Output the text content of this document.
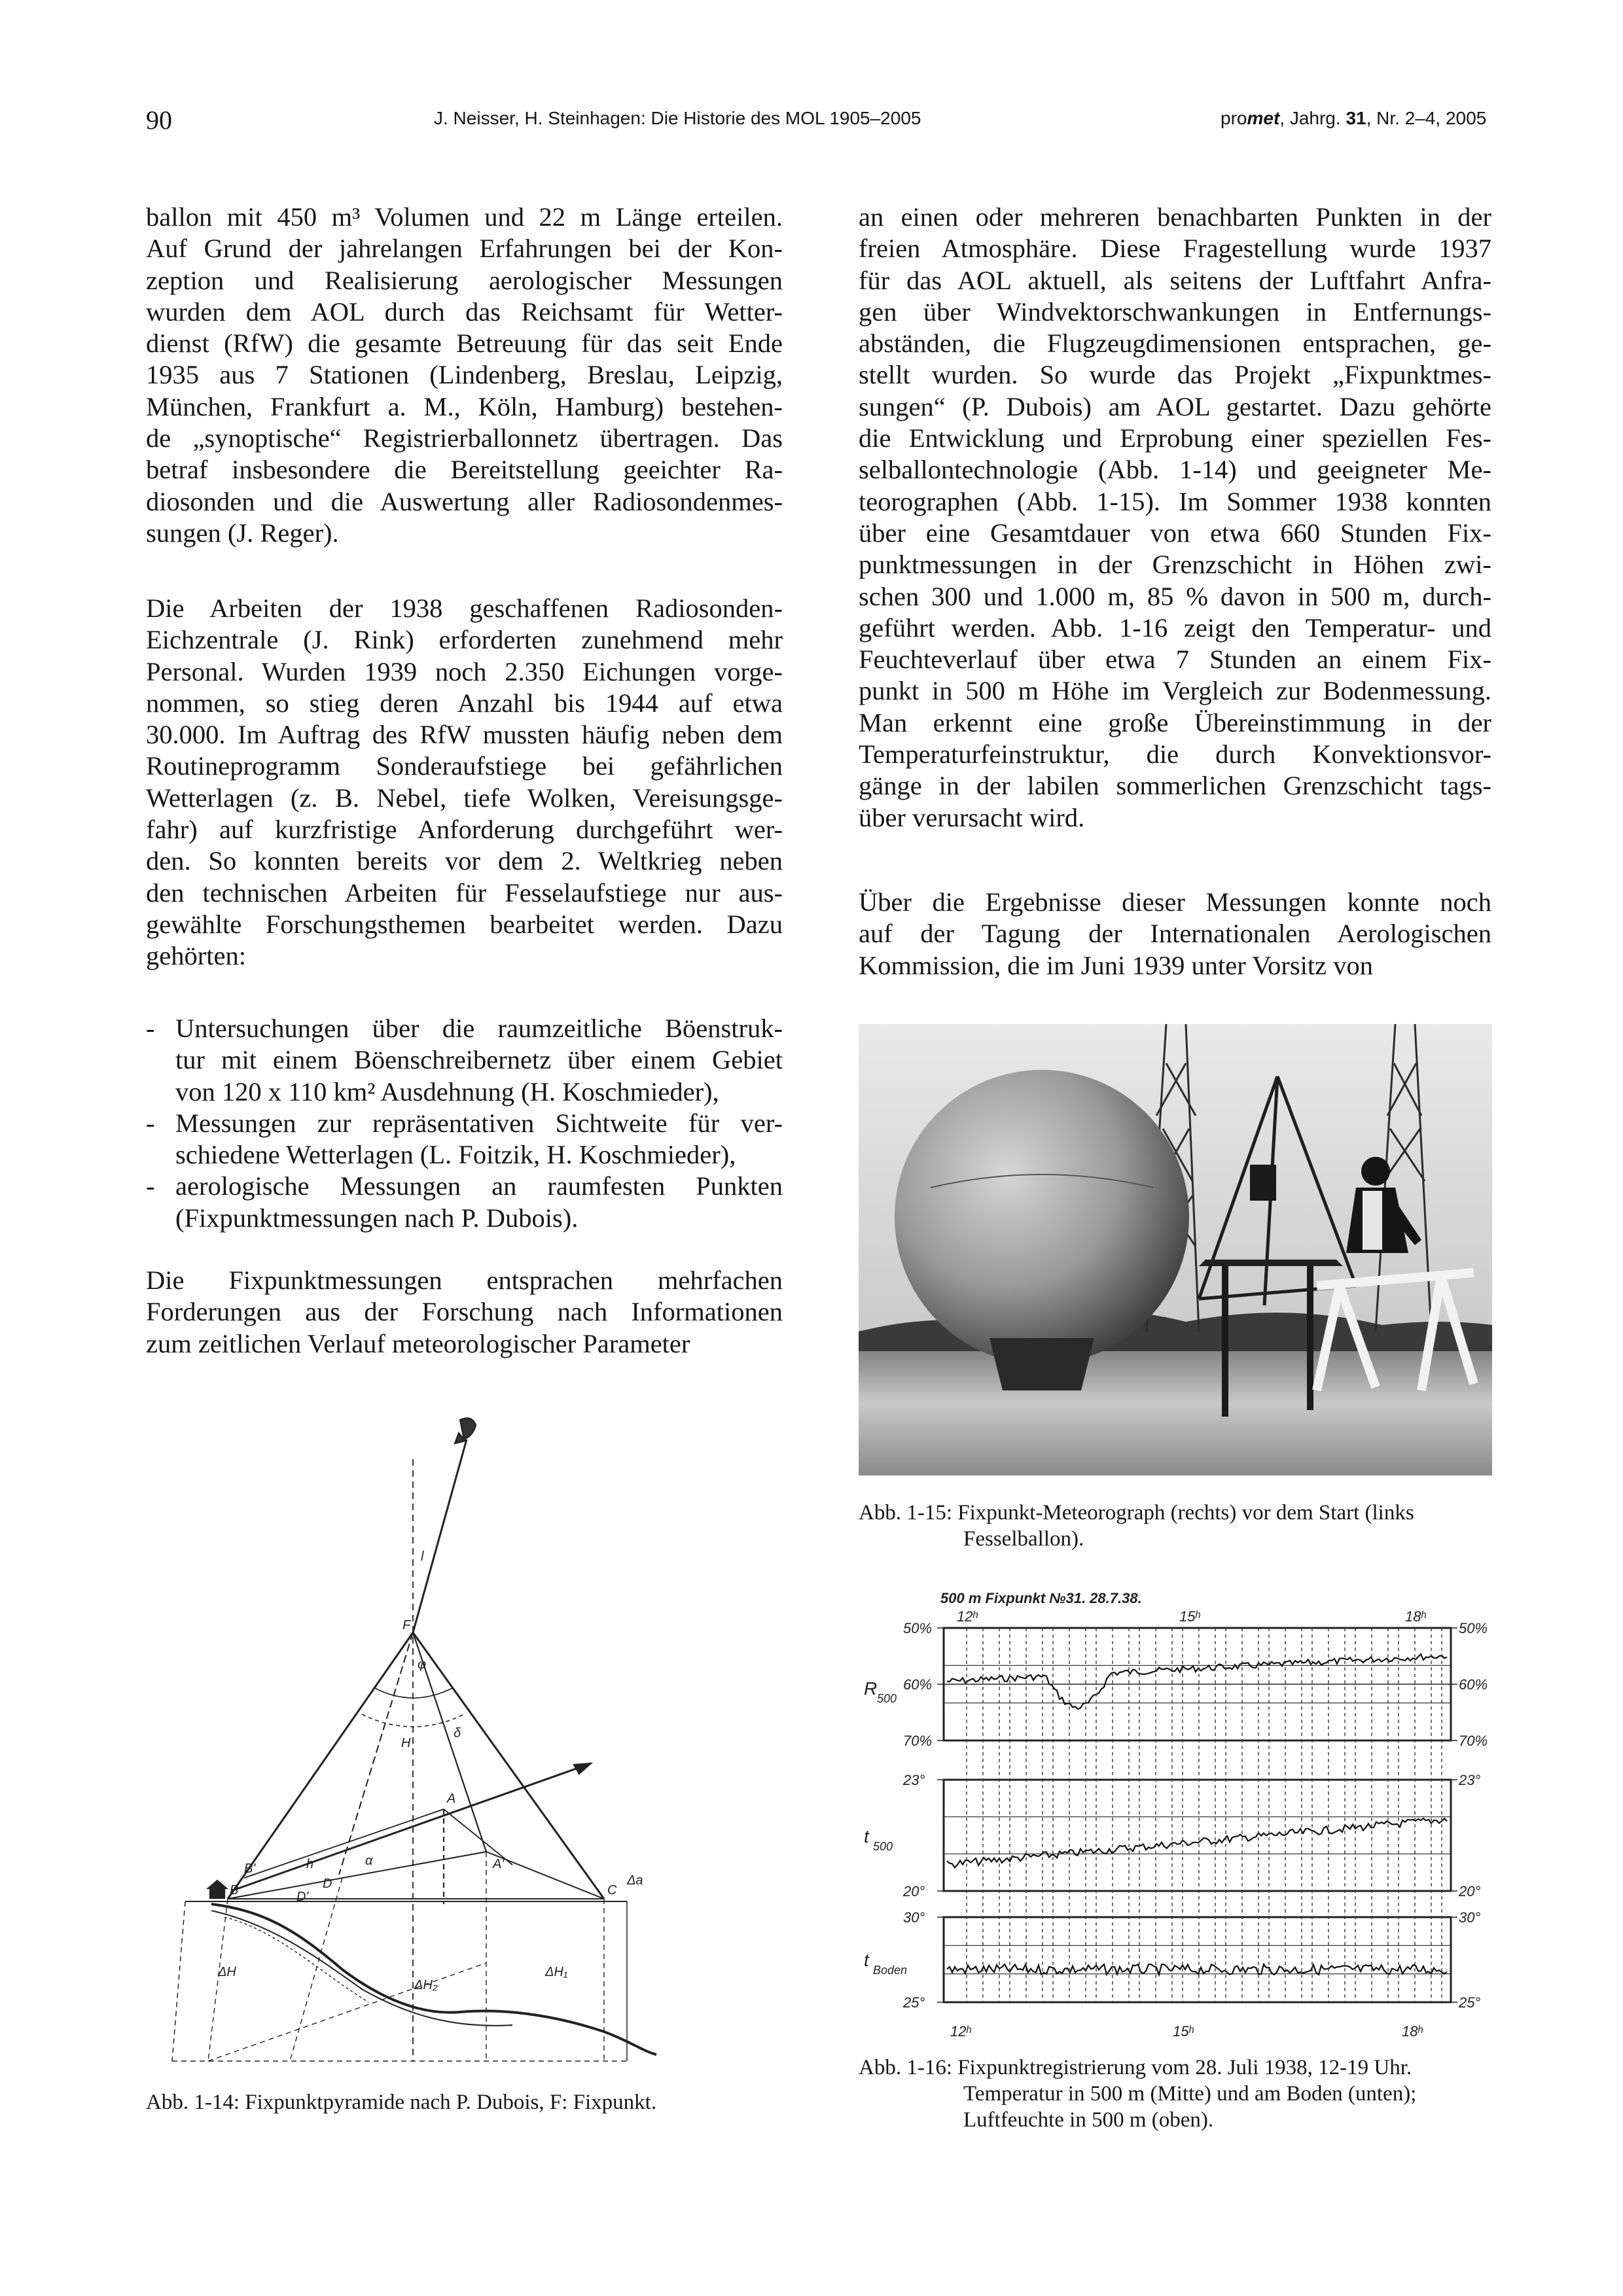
90	J. Neisser, H. Steinhagen: Die Historie des MOL 1905–2005	promet, Jahrg. 31, Nr. 2–4, 2005
ballon mit 450 m³ Volumen und 22 m Länge erteilen.
Auf Grund der jahrelangen Erfahrungen bei der Kon-
zeption und Realisierung aerologischer Messungen
wurden dem AOL durch das Reichsamt für Wetter-
dienst (RfW) die gesamte Betreuung für das seit Ende
1935 aus 7 Stationen (Lindenberg, Breslau, Leipzig,
München, Frankfurt a. M., Köln, Hamburg) bestehen-
de „synoptische“ Registrierballonnetz übertragen. Das
betraf insbesondere die Bereitstellung geeichter Ra-
diosonden und die Auswertung aller Radiosondenmes-
sungen (J. Reger).
Die Arbeiten der 1938 geschaffenen Radiosonden-
Eichzentrale (J. Rink) erforderten zunehmend mehr
Personal. Wurden 1939 noch 2.350 Eichungen vorge-
nommen, so stieg deren Anzahl bis 1944 auf etwa
30.000. Im Auftrag des RfW mussten häufig neben dem
Routineprogramm Sonderaufstiege bei gefährlichen
Wetterlagen (z. B. Nebel, tiefe Wolken, Vereisungsge-
fahr) auf kurzfristige Anforderung durchgeführt wer-
den. So konnten bereits vor dem 2. Weltkrieg neben
den technischen Arbeiten für Fesselaufstiege nur aus-
gewählte Forschungsthemen bearbeitet werden. Dazu
gehörten:
- Untersuchungen über die raumzeitliche Böenstruk-
tur mit einem Böenschreibernetz über einem Gebiet
von 120 x 110 km² Ausdehnung (H. Koschmieder),
- Messungen zur repräsentativen Sichtweite für ver-
schiedene Wetterlagen (L. Foitzik, H. Koschmieder),
- aerologische Messungen an raumfesten Punkten
(Fixpunktmessungen nach P. Dubois).
Die Fixpunktmessungen entsprachen mehrfachen
Forderungen aus der Forschung nach Informationen
zum zeitlichen Verlauf meteorologischer Parameter
an einen oder mehreren benachbarten Punkten in der
freien Atmosphäre. Diese Fragestellung wurde 1937
für das AOL aktuell, als seitens der Luftfahrt Anfra-
gen über Windvektorschwankungen in Entfernungs-
abständen, die Flugzeugdimensionen entsprachen, ge-
stellt wurden. So wurde das Projekt „Fixpunktmes-
sungen“ (P. Dubois) am AOL gestartet. Dazu gehörte
die Entwicklung und Erprobung einer speziellen Fes-
selballontechnologie (Abb. 1-14) und geeigneter Me-
teorographen (Abb. 1-15). Im Sommer 1938 konnten
über eine Gesamtdauer von etwa 660 Stunden Fix-
punktmessungen in der Grenzschicht in Höhen zwi-
schen 300 und 1.000 m, 85 % davon in 500 m, durch-
geführt werden. Abb. 1-16 zeigt den Temperatur- und
Feuchteverlauf über etwa 7 Stunden an einem Fix-
punkt in 500 m Höhe im Vergleich zur Bodenmessung.
Man erkennt eine große Übereinstimmung in der
Temperaturfeinstruktur, die durch Konvektionsvor-
gänge in der labilen sommerlichen Grenzschicht tags-
über verursacht wird.
Über die Ergebnisse dieser Messungen konnte noch
auf der Tagung der Internationalen Aerologischen
Kommission, die im Juni 1939 unter Vorsitz von
F
A
A'
B
B'
C
D
D'
h
H
ΔH	ΔH₁
ΔH₂
Δa
l
α
δ
φ
Abb. 1-14: Fixpunktpyramide nach P. Dubois, F: Fixpunkt.
Abb. 1-15: Fixpunkt-Meteorograph (rechts) vor dem Start (links
Fesselballon).
500 m Fixpunkt №31. 28.7.38.
50%	50%
60%	60%
70%	70%
23°	23°
20°	20°
30°	30°
25°	25°
R 500
t 500
t Boden
12ʰ	15ʰ	18ʰ
12ʰ	15ʰ	18ʰ
Abb. 1-16: Fixpunktregistrierung vom 28. Juli 1938, 12-19 Uhr.
Temperatur in 500 m (Mitte) und am Boden (unten);
Luftfeuchte in 500 m (oben).
